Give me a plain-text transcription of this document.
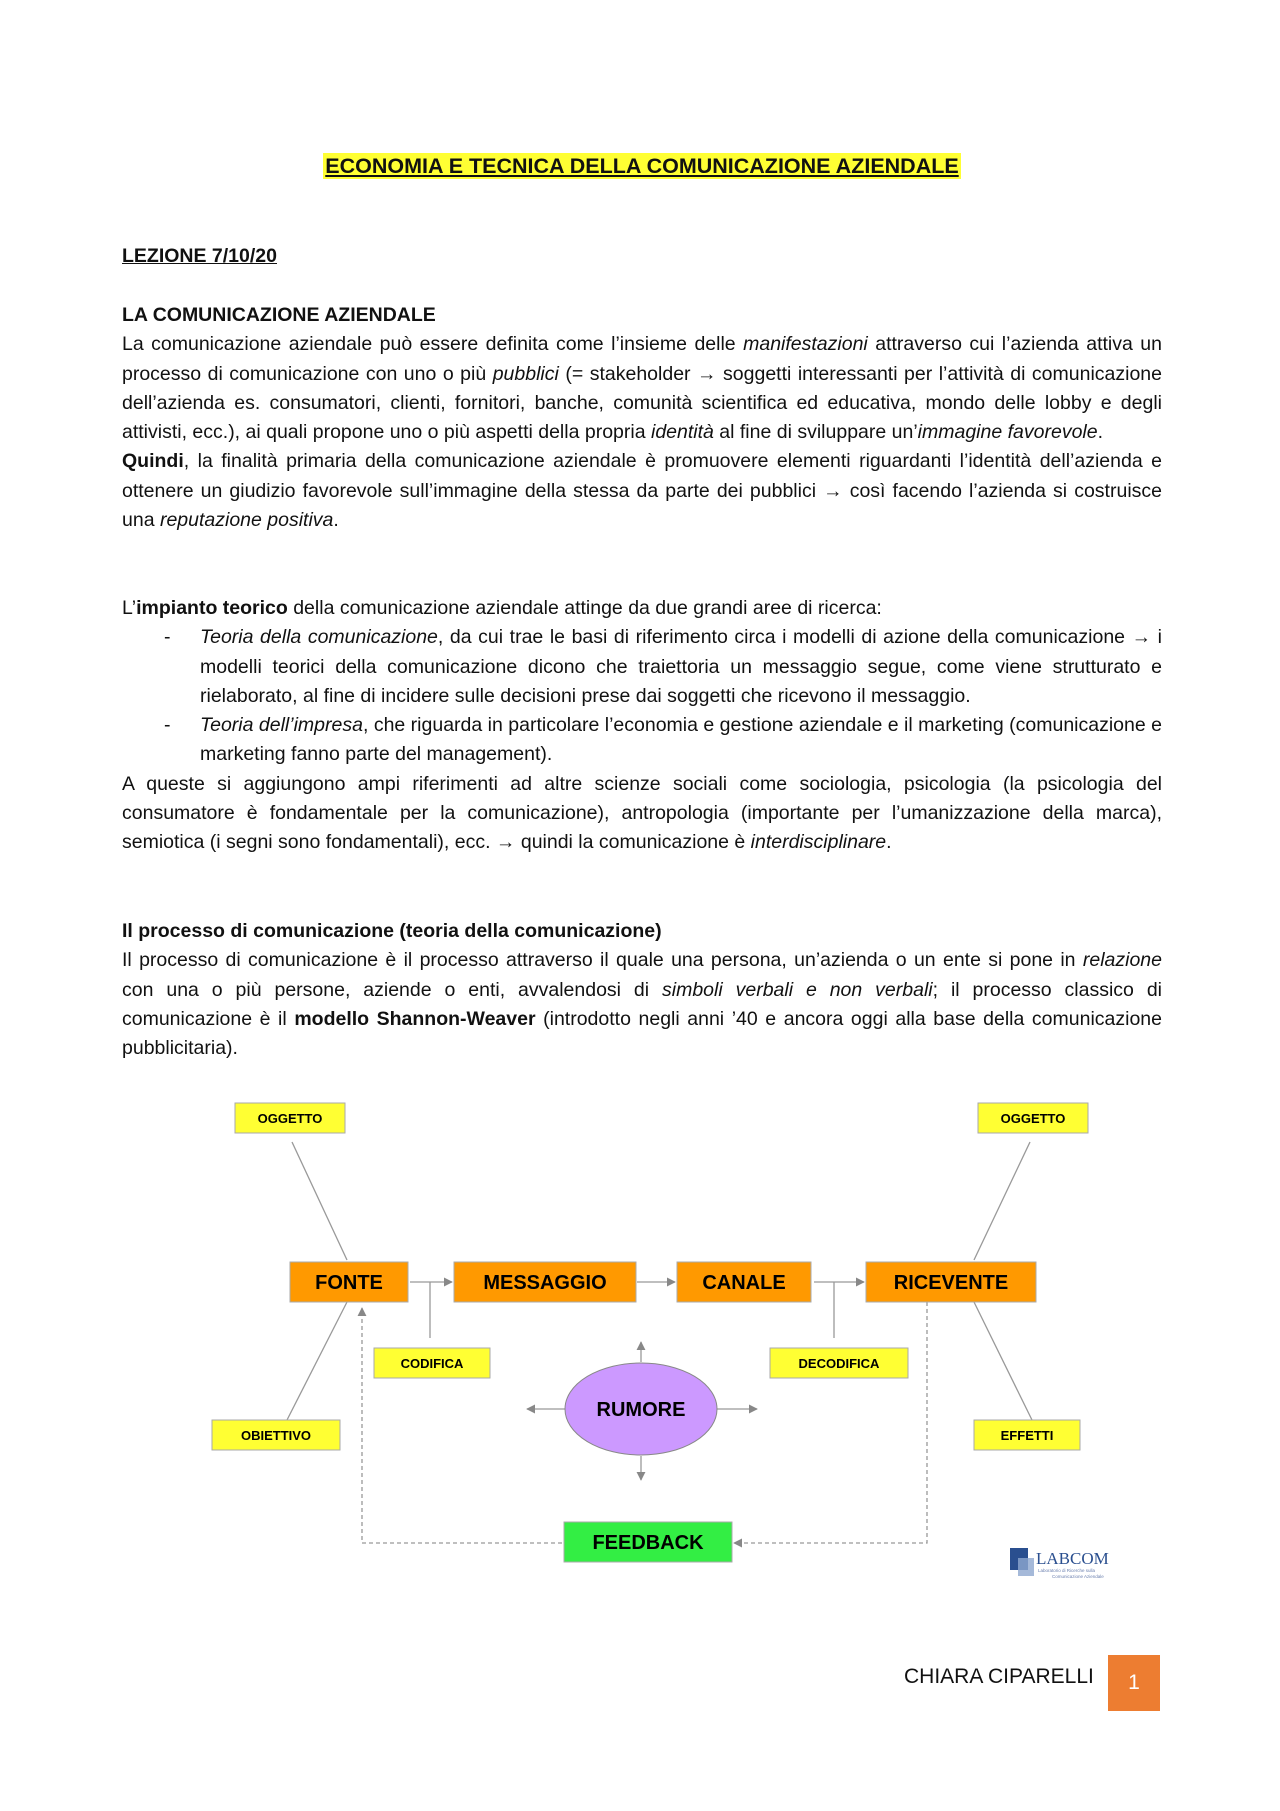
ECONOMIA E TECNICA DELLA COMUNICAZIONE AZIENDALE
LEZIONE 7/10/20
LA COMUNICAZIONE AZIENDALE

La comunicazione aziendale può essere definita come l’insieme delle manifestazioni attraverso cui l’azienda attiva un processo di comunicazione con uno o più pubblici (= stakeholder → soggetti interessanti per l’attività di comunicazione dell’azienda es. consumatori, clienti, fornitori, banche, comunità scientifica ed educativa, mondo delle lobby e degli attivisti, ecc.), ai quali propone uno o più aspetti della propria identità al fine di sviluppare un’immagine favorevole.

Quindi, la finalità primaria della comunicazione aziendale è promuovere elementi riguardanti l’identità dell’azienda e ottenere un giudizio favorevole sull’immagine della stessa da parte dei pubblici → così facendo l’azienda si costruisce una reputazione positiva.

L’impianto teorico della comunicazione aziendale attinge da due grandi aree di ricerca:

- Teoria della comunicazione, da cui trae le basi di riferimento circa i modelli di azione della comunicazione → i modelli teorici della comunicazione dicono che traiettoria un messaggio segue, come viene strutturato e rielaborato, al fine di incidere sulle decisioni prese dai soggetti che ricevono il messaggio.
- Teoria dell’impresa, che riguarda in particolare l’economia e gestione aziendale e il marketing (comunicazione e marketing fanno parte del management).

A queste si aggiungono ampi riferimenti ad altre scienze sociali come sociologia, psicologia (la psicologia del consumatore è fondamentale per la comunicazione), antropologia (importante per l’umanizzazione della marca), semiotica (i segni sono fondamentali), ecc. → quindi la comunicazione è interdisciplinare.

Il processo di comunicazione (teoria della comunicazione)

Il processo di comunicazione è il processo attraverso il quale una persona, un’azienda o un ente si pone in relazione con una o più persone, aziende o enti, avvalendosi di simboli verbali e non verbali; il processo classico di comunicazione è il modello Shannon-Weaver (introdotto negli anni ’40 e ancora oggi alla base della comunicazione pubblicitaria).

OGGETTO	OGGETTO
CODIFICA	DECODIFICA
OBIETTIVO	EFFETTI
FONTE	MESSAGGIO	CANALE	RICEVENTE
RUMORE
FEEDBACK
LABCOM
Laboratorio di Ricerche sulla
Comunicazione Aziendale
CHIARA CIPARELLI	1
